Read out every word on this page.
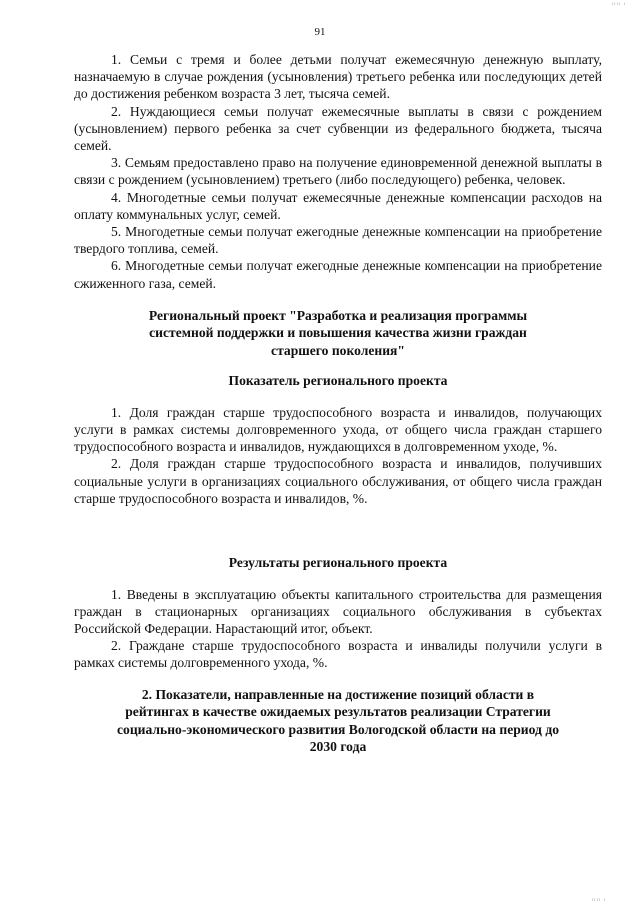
ıııı ı
ıııı ı
91

1. Семьи с тремя и более детьми получат ежемесячную денежную выплату, назначаемую в случае рождения (усыновления) третьего ребенка или последующих детей до достижения ребенком возраста 3 лет, тысяча семей.

2. Нуждающиеся семьи получат ежемесячные выплаты в связи с рождением (усыновлением) первого ребенка за счет субвенции из федерального бюджета, тысяча семей.

3. Семьям предоставлено право на получение единовременной денежной выплаты в связи с рождением (усыновлением) третьего (либо последующего) ребенка, человек.

4. Многодетные семьи получат ежемесячные денежные компенсации расходов на оплату коммунальных услуг, семей.

5. Многодетные семьи получат ежегодные денежные компенсации на приобретение твердого топлива, семей.

6. Многодетные семьи получат ежегодные денежные компенсации на приобретение сжиженного газа, семей.

Региональный проект "Разработка и реализация программы системной поддержки и повышения качества жизни граждан старшего поколения"
Показатель регионального проекта

1. Доля граждан старше трудоспособного возраста и инвалидов, получающих услуги в рамках системы долговременного ухода, от общего числа граждан старшего трудоспособного возраста и инвалидов, нуждающихся в долговременном уходе, %.

2. Доля граждан старше трудоспособного возраста и инвалидов, получивших социальные услуги в организациях социального обслуживания, от общего числа граждан старше трудоспособного возраста и инвалидов, %.

Результаты регионального проекта

1. Введены в эксплуатацию объекты капитального строительства для размещения граждан в стационарных организациях социального обслуживания в субъектах Российской Федерации. Нарастающий итог, объект.

2. Граждане старше трудоспособного возраста и инвалиды получили услуги в рамках системы долговременного ухода, %.

2. Показатели, направленные на достижение позиций области в рейтингах в качестве ожидаемых результатов реализации Стратегии социально-экономического развития Вологодской области на период до 2030 года
